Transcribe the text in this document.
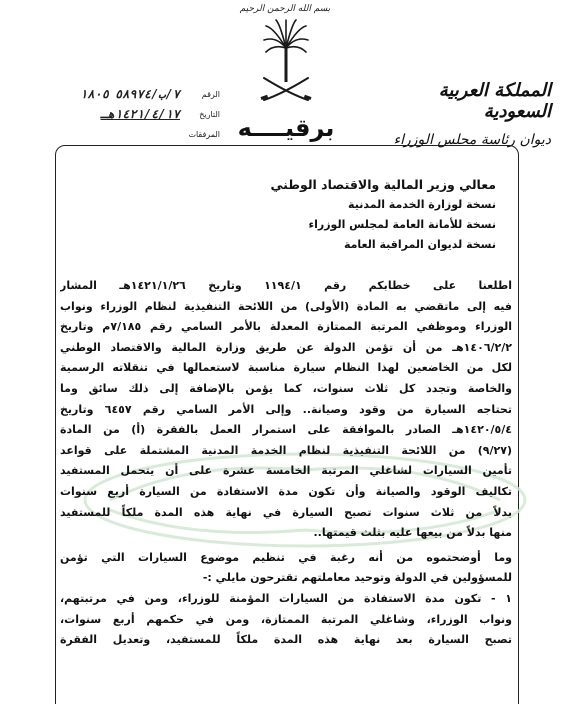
بسم الله الرحمن الرحيم
المملكة العربية السعودية
ديوان رئاسة مجلس الوزراء
الرقم
٧/ب/٥٨٩٧٤
١٨٠٥
التاريخ
١٤٢١/٤/١٧هـ
المرفقات برقيــــه
معالي وزير المالية والاقتصاد الوطني
نسخة لوزارة الخدمة المدنية
نسخة للأمانة العامة لمجلس الوزراء
نسخة لديوان المراقبة العامة
اطلعنا على خطابكم رقم ١١٩٤/١ وتاريخ ١٤٢١/١/٢٦هـ المشار
فيه إلى ماتقضي به المادة (الأولى) من اللائحة التنفيذية لنظام الوزراء ونواب
الوزراء وموظفي المرتبة الممتازة المعدلة بالأمر السامي رقم ٧/١٨٥م وتاريخ
١٤٠٦/٢/٢هـ من أن تؤمن الدولة عن طريق وزارة المالية والاقتصاد الوطني
لكل من الخاضعين لهذا النظام سيارة مناسبة لاستعمالها في تنقلاته الرسمية
والخاصة وتجدد كل ثلاث سنوات، كما يؤمن بالإضافة إلى ذلك سائق وما
تحتاجه السيارة من وقود وصيانة.. وإلى الأمر السامي رقم ٦٤٥٧ وتاريخ
١٤٢٠/٥/٤هـ الصادر بالموافقة على استمرار العمل بالفقرة (أ) من المادة
(٩/٢٧) من اللائحة التنفيذية لنظام الخدمة المدنية المشتملة على قواعد
تأمين السيارات لشاغلي المرتبة الخامسة عشرة على أن يتحمل المستفيد
تكاليف الوقود والصيانة وأن تكون مدة الاستفادة من السيارة أربع سنوات
بدلاً من ثلاث سنوات تصبح السيارة في نهاية هذه المدة ملكاً للمستفيد
منها بدلاً من بيعها عليه بثلث قيمتها..
وما أوضحتموه من أنه رغبة في تنظيم موضوع السيارات التي تؤمن
للمسؤولين في الدولة وتوحيد معاملتهم تقترحون مايلي :-
١ - تكون مدة الاستفادة من السيارات المؤمنة للوزراء، ومن في مرتبتهم،
ونواب الوزراء، وشاغلي المرتبة الممتازة، ومن في حكمهم أربع سنوات،
تصبح السيارة بعد نهاية هذه المدة ملكاً للمستفيد، وتعديل الفقرة
